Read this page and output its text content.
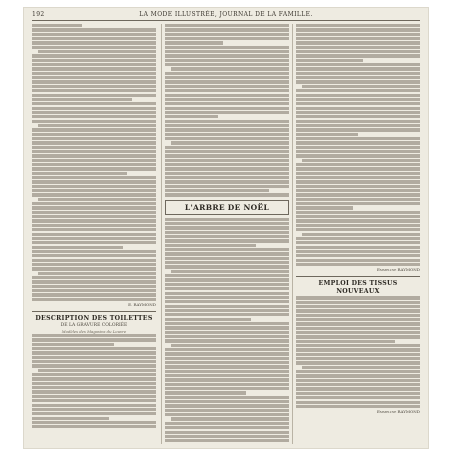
192	LA MODE ILLUSTRÉE, JOURNAL DE LA FAMILLE.
E. RAYMOND
DESCRIPTION DES TOILETTES
DE LA GRAVURE COLORIÉE
Modèles des Magasins du Louvre
L'ARBRE DE NOËL
Emmeline RAYMOND
EMPLOI DES TISSUS NOUVEAUX
Emmeline RAYMOND
